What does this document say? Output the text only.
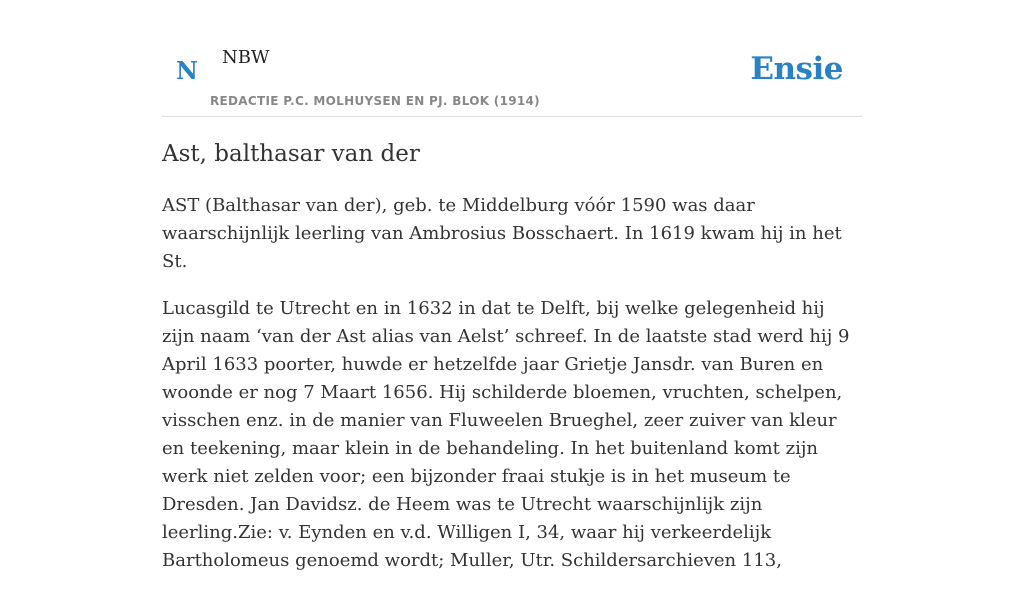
N NBW
REDACTIE P.C. MOLHUYSEN EN PJ. BLOK (1914)
Ensie
Ast, balthasar van der

AST (Balthasar van der), geb. te Middelburg vóór 1590 was daar waarschijnlijk leerling van Ambrosius Bosschaert. In 1619 kwam hij in het St.

Lucasgild te Utrecht en in 1632 in dat te Delft, bij welke gelegenheid hij zijn naam ‘van der Ast alias van Aelst’ schreef. In de laatste stad werd hij 9 April 1633 poorter, huwde er hetzelfde jaar Grietje Jansdr. van Buren en woonde er nog 7 Maart 1656. Hij schilderde bloemen, vruchten, schelpen, visschen enz. in de manier van Fluweelen Brueghel, zeer zuiver van kleur en teekening, maar klein in de behandeling. In het buitenland komt zijn werk niet zelden voor; een bijzonder fraai stukje is in het museum te Dresden. Jan Davidsz. de Heem was te Utrecht waarschijnlijk zijn leerling.Zie: v. Eynden en v.d. Willigen I, 34, waar hij verkeerdelijk Bartholomeus genoemd wordt; Muller, Utr. Schildersarchieven 113,
